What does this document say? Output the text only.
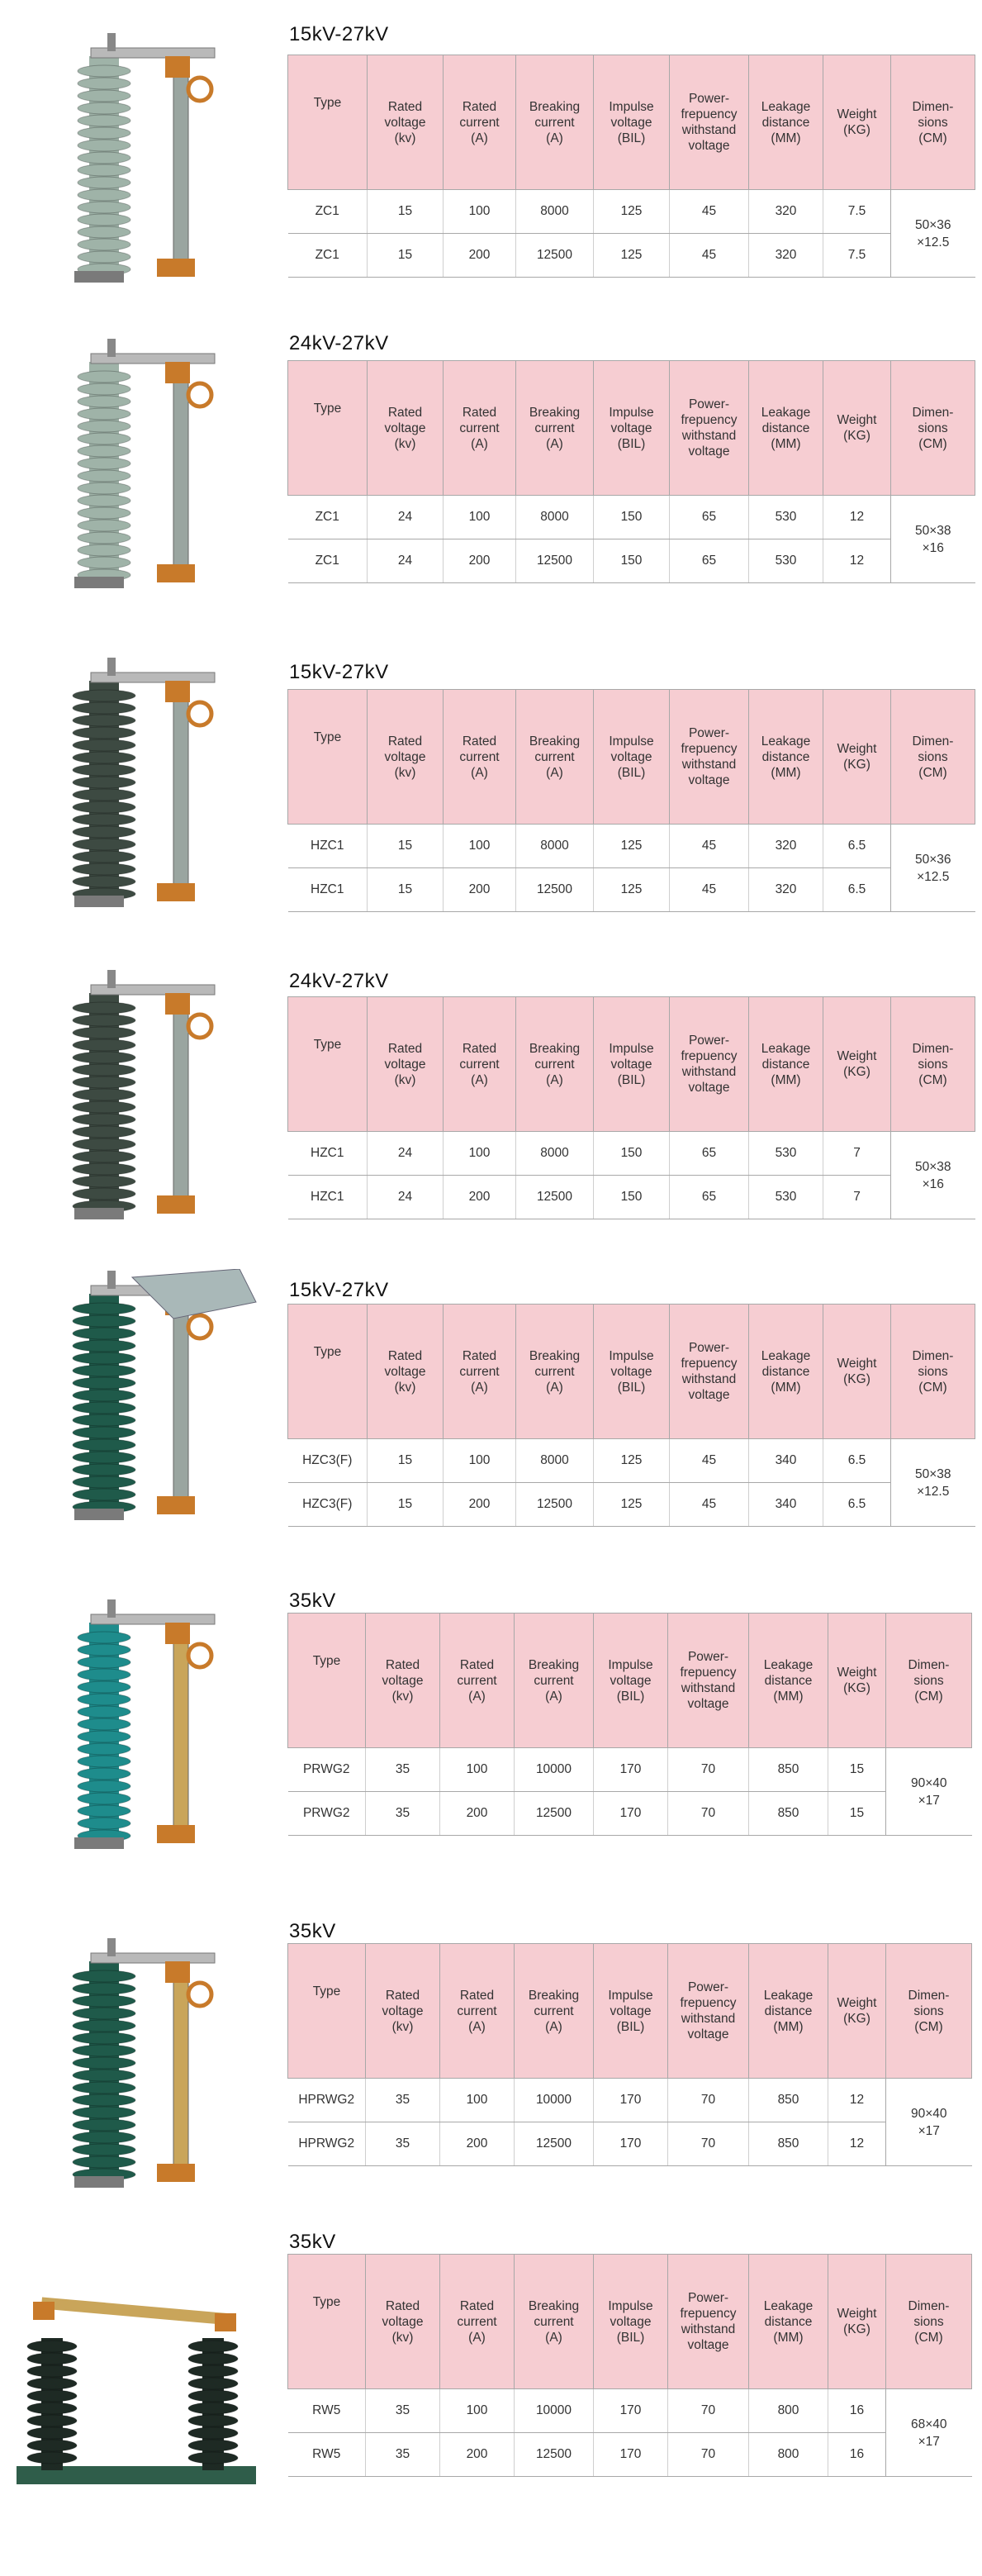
15kV-27kV
Type	Rated
voltage
(kv)	Rated
current
(A)	Breaking
current
(A)	Impulse
voltage
(BIL)	Power-
frepuency
withstand
voltage	Leakage
distance
(MM)	Weight
(KG)	Dimen-
sions
(CM)
ZC1	15	100	8000	125	45	320	7.5	50×36
×12.5
ZC1	15	200	12500	125	45	320	7.5	
24kV-27kV
Type	Rated
voltage
(kv)	Rated
current
(A)	Breaking
current
(A)	Impulse
voltage
(BIL)	Power-
frepuency
withstand
voltage	Leakage
distance
(MM)	Weight
(KG)	Dimen-
sions
(CM)
ZC1	24	100	8000	150	65	530	12	50×38
×16
ZC1	24	200	12500	150	65	530	12	
15kV-27kV
Type	Rated
voltage
(kv)	Rated
current
(A)	Breaking
current
(A)	Impulse
voltage
(BIL)	Power-
frepuency
withstand
voltage	Leakage
distance
(MM)	Weight
(KG)	Dimen-
sions
(CM)
HZC1	15	100	8000	125	45	320	6.5	50×36
×12.5
HZC1	15	200	12500	125	45	320	6.5	
24kV-27kV
Type	Rated
voltage
(kv)	Rated
current
(A)	Breaking
current
(A)	Impulse
voltage
(BIL)	Power-
frepuency
withstand
voltage	Leakage
distance
(MM)	Weight
(KG)	Dimen-
sions
(CM)
HZC1	24	100	8000	150	65	530	7	50×38
×16
HZC1	24	200	12500	150	65	530	7	
15kV-27kV
Type	Rated
voltage
(kv)	Rated
current
(A)	Breaking
current
(A)	Impulse
voltage
(BIL)	Power-
frepuency
withstand
voltage	Leakage
distance
(MM)	Weight
(KG)	Dimen-
sions
(CM)
HZC3(F)	15	100	8000	125	45	340	6.5	50×38
×12.5
HZC3(F)	15	200	12500	125	45	340	6.5	
35kV
Type	Rated
voltage
(kv)	Rated
current
(A)	Breaking
current
(A)	Impulse
voltage
(BIL)	Power-
frepuency
withstand
voltage	Leakage
distance
(MM)	Weight
(KG)	Dimen-
sions
(CM)
PRWG2	35	100	10000	170	70	850	15	90×40
×17
PRWG2	35	200	12500	170	70	850	15	
35kV
Type	Rated
voltage
(kv)	Rated
current
(A)	Breaking
current
(A)	Impulse
voltage
(BIL)	Power-
frepuency
withstand
voltage	Leakage
distance
(MM)	Weight
(KG)	Dimen-
sions
(CM)
HPRWG2	35	100	10000	170	70	850	12	90×40
×17
HPRWG2	35	200	12500	170	70	850	12	
35kV
Type	Rated
voltage
(kv)	Rated
current
(A)	Breaking
current
(A)	Impulse
voltage
(BIL)	Power-
frepuency
withstand
voltage	Leakage
distance
(MM)	Weight
(KG)	Dimen-
sions
(CM)
RW5	35	100	10000	170	70	800	16	68×40
×17
RW5	35	200	12500	170	70	800	16	
